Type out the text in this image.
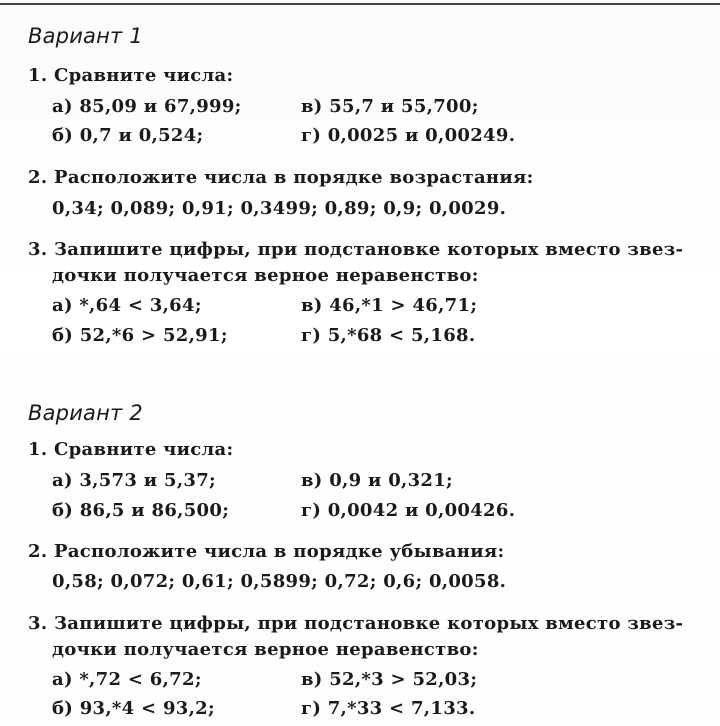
Вариант 1
1. Сравните числа:
а) 85,09 и 67,999;	в) 55,7 и 55,700;
б) 0,7 и 0,524;	г) 0,0025 и 0,00249.
2. Расположите числа в порядке возрастания:
0,34; 0,089; 0,91; 0,3499; 0,89; 0,9; 0,0029.
3. Запишите цифры, при подстановке которых вместо звез-
дочки получается верное неравенство:
а) *,64 < 3,64;	в) 46,*1 > 46,71;
б) 52,*6 > 52,91;	г) 5,*68 < 5,168.
Вариант 2
1. Сравните числа:
а) 3,573 и 5,37;	в) 0,9 и 0,321;
б) 86,5 и 86,500;	г) 0,0042 и 0,00426.
2. Расположите числа в порядке убывания:
0,58; 0,072; 0,61; 0,5899; 0,72; 0,6; 0,0058.
3. Запишите цифры, при подстановке которых вместо звез-
дочки получается верное неравенство:
а) *,72 < 6,72;	в) 52,*3 > 52,03;
б) 93,*4 < 93,2;	г) 7,*33 < 7,133.
